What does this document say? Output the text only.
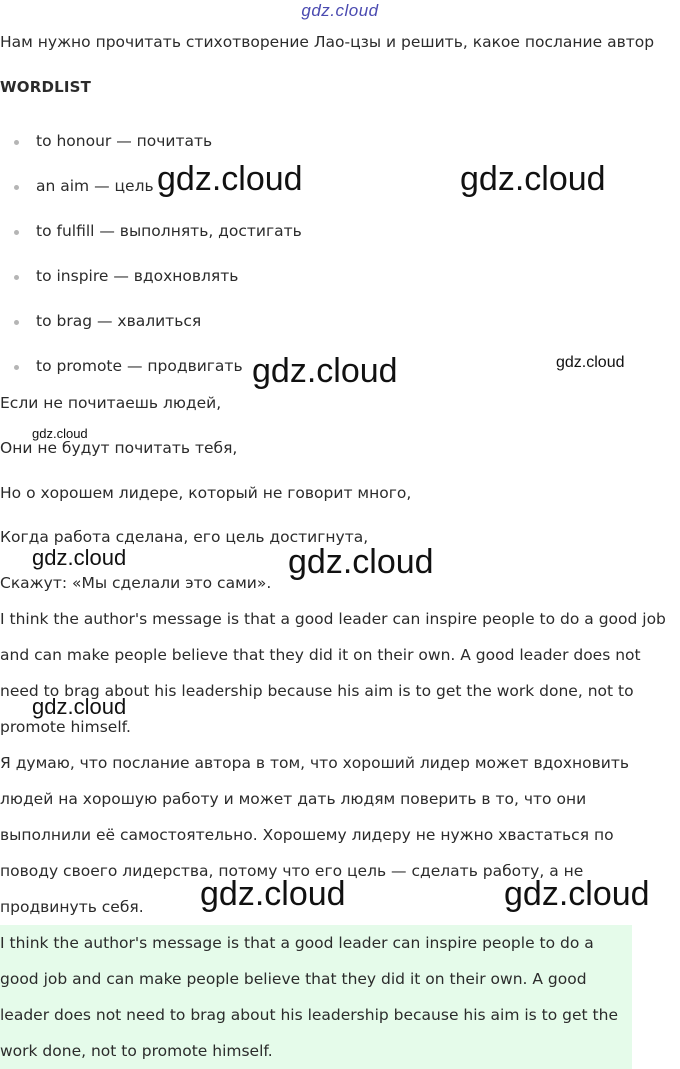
gdz.cloud
Нам нужно прочитать стихотворение Лао-цзы и решить, какое послание автор
WORDLIST
to honour — почитать
an aim — цель
to fulfill — выполнять, достигать
to inspire — вдохновлять
to brag — хвалиться
to promote — продвигать
Если не почитаешь людей,
Они не будут почитать тебя,
Но о хорошем лидере, который не говорит много,
Когда работа сделана, его цель достигнута,
Скажут: «Мы сделали это сами».
I think the author's message is that a good leader can inspire people to do a good job and can make people believe that they did it on their own. A good leader does not need to brag about his leadership because his aim is to get the work done, not to promote himself.
Я думаю, что послание автора в том, что хороший лидер может вдохновить людей на хорошую работу и может дать людям поверить в то, что они выполнили её самостоятельно. Хорошему лидеру не нужно хвастаться по поводу своего лидерства, потому что его цель — сделать работу, а не продвинуть себя.
I think the author's message is that a good leader can inspire people to do a good job and can make people believe that they did it on their own. A good leader does not need to brag about his leadership because his aim is to get the work done, not to promote himself.
gdz.cloud	gdz.cloud
gdz.cloud	gdz.cloud
gdz.cloud
gdz.cloud	gdz.cloud
gdz.cloud
gdz.cloud	gdz.cloud
